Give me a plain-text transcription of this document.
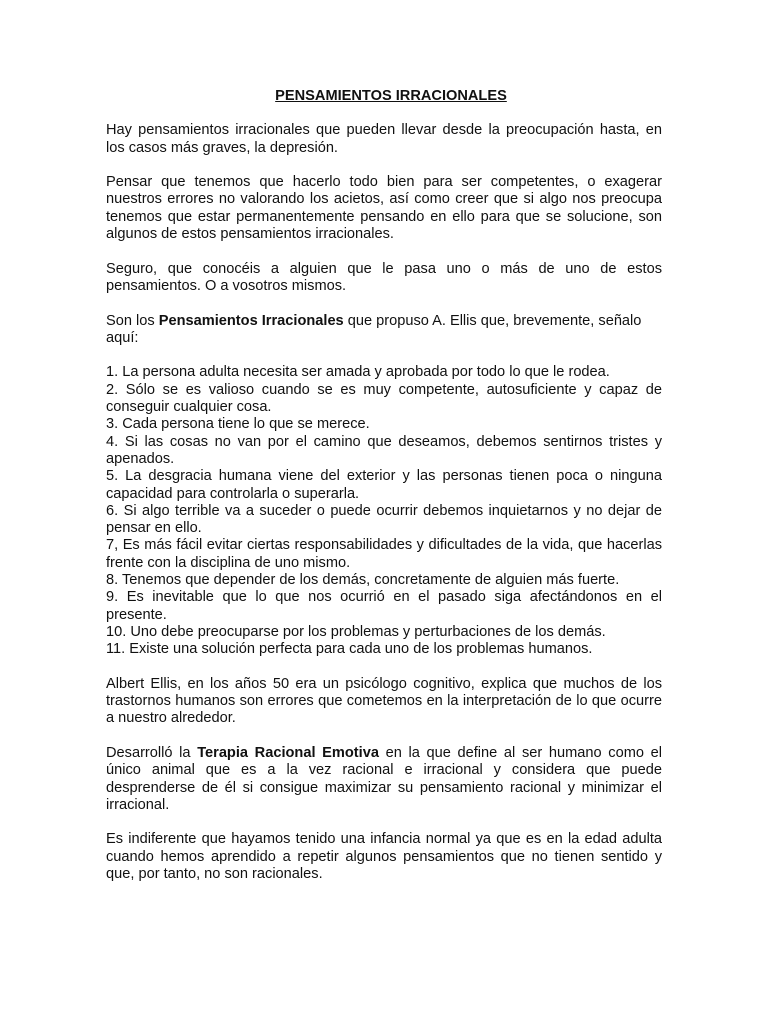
PENSAMIENTOS IRRACIONALES

Hay pensamientos irracionales que pueden llevar desde la preocupación hasta, en los casos más graves, la depresión.

Pensar que tenemos que hacerlo todo bien para ser competentes, o exagerar nuestros errores no valorando los acietos, así como creer que si algo nos preocupa tenemos que estar permanentemente pensando en ello para que se solucione, son algunos de estos pensamientos irracionales.

Seguro, que conocéis a alguien que le pasa uno o más de uno de estos pensamientos. O a vosotros mismos.

Son los Pensamientos Irracionales que propuso A. Ellis que, brevemente, señalo aquí:

1. La persona adulta necesita ser amada y aprobada por todo lo que le rodea.
2. Sólo se es valioso cuando se es muy competente, autosuficiente y capaz de conseguir cualquier cosa.
3. Cada persona tiene lo que se merece.
4. Si las cosas no van por el camino que deseamos, debemos sentirnos tristes y apenados.
5. La desgracia humana viene del exterior y las personas tienen poca o ninguna capacidad para controlarla o superarla.
6. Si algo terrible va a suceder o puede ocurrir debemos inquietarnos y no dejar de pensar en ello.
7, Es más fácil evitar ciertas responsabilidades y dificultades de la vida, que hacerlas frente con la disciplina de uno mismo.
8. Tenemos que depender de los demás, concretamente de alguien más fuerte.
9. Es inevitable que lo que nos ocurrió en el pasado siga afectándonos en el presente.
10. Uno debe preocuparse por los problemas y perturbaciones de los demás.
11. Existe una solución perfecta para cada uno de los problemas humanos.

Albert Ellis, en los años 50 era un psicólogo cognitivo, explica que muchos de los trastornos humanos son errores que cometemos en la interpretación de lo que ocurre a nuestro alrededor.

Desarrolló la Terapia Racional Emotiva en la que define al ser humano como el único animal que es a la vez racional e irracional y considera que puede desprenderse de él si consigue maximizar su pensamiento racional y minimizar el irracional.

Es indiferente que hayamos tenido una infancia normal ya que es en la edad adulta cuando hemos aprendido a repetir algunos pensamientos que no tienen sentido y que, por tanto, no son racionales.
